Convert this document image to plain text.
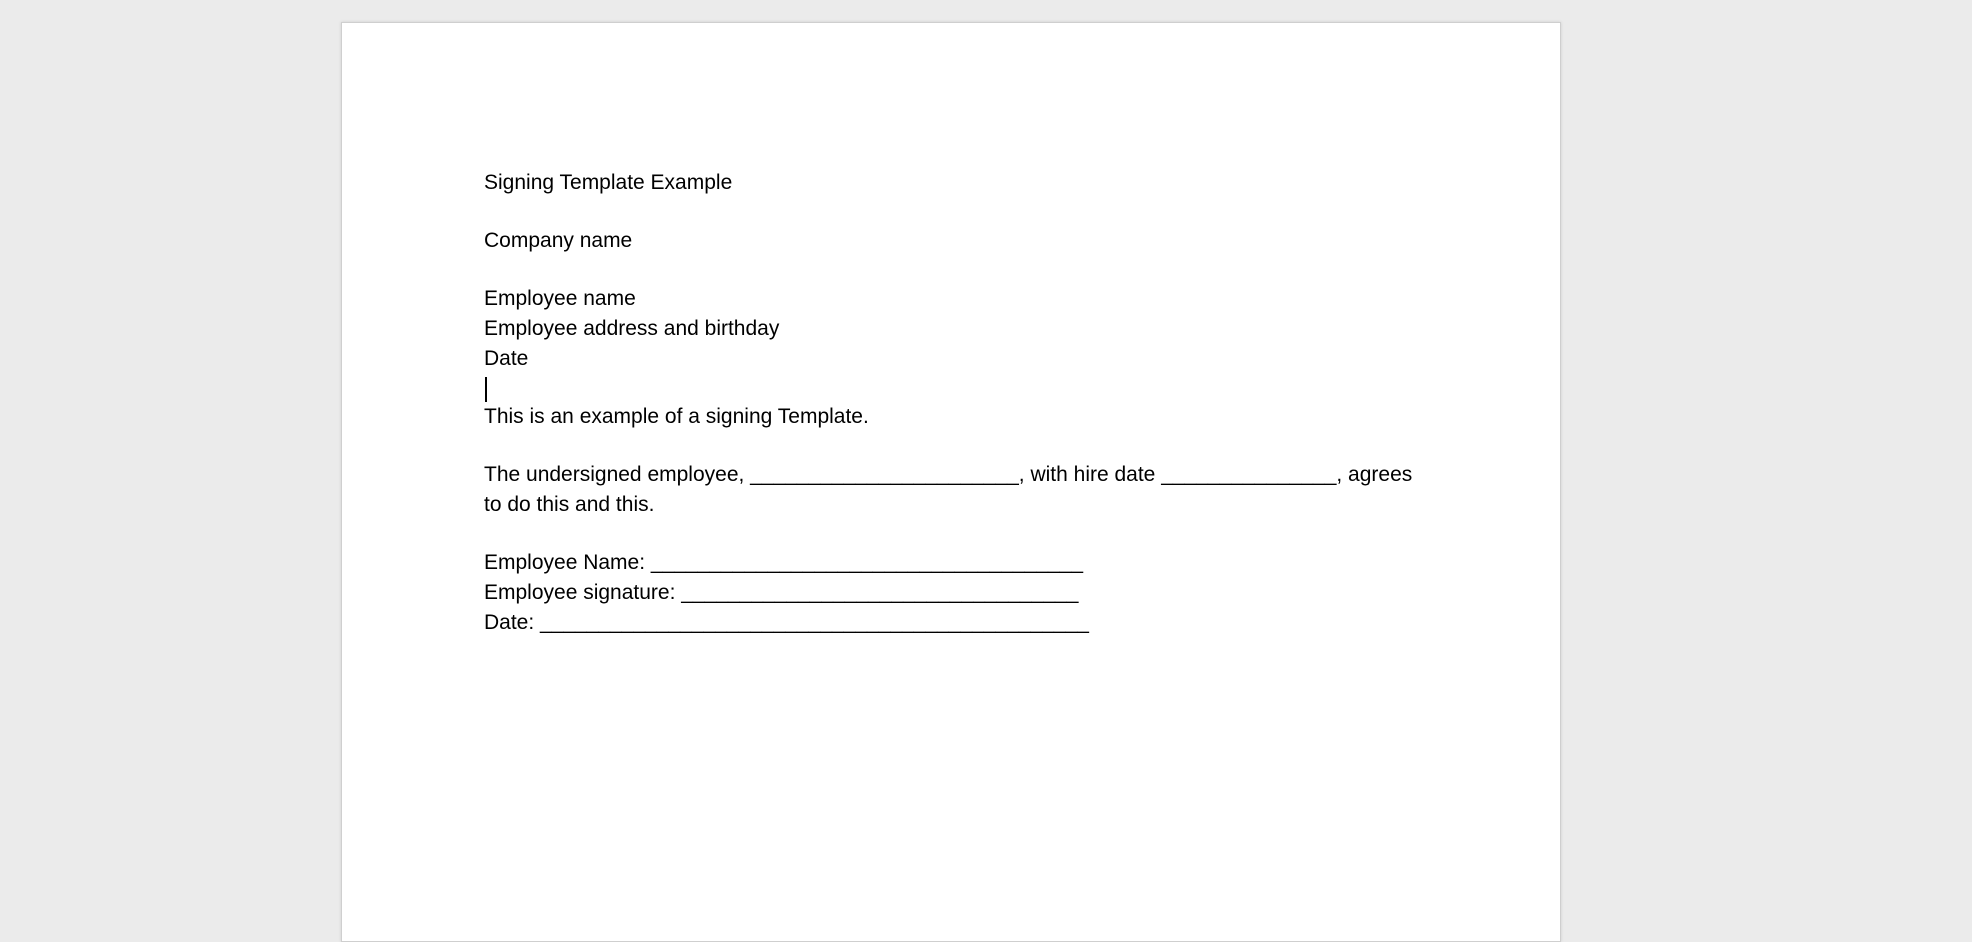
Signing Template Example
Company name
Employee name
Employee address and birthday
Date
This is an example of a signing Template.
The undersigned employee, _______________________, with hire date _______________, agrees to do this and this.
Employee Name: _____________________________________
Employee signature: __________________________________
Date: _______________________________________________
